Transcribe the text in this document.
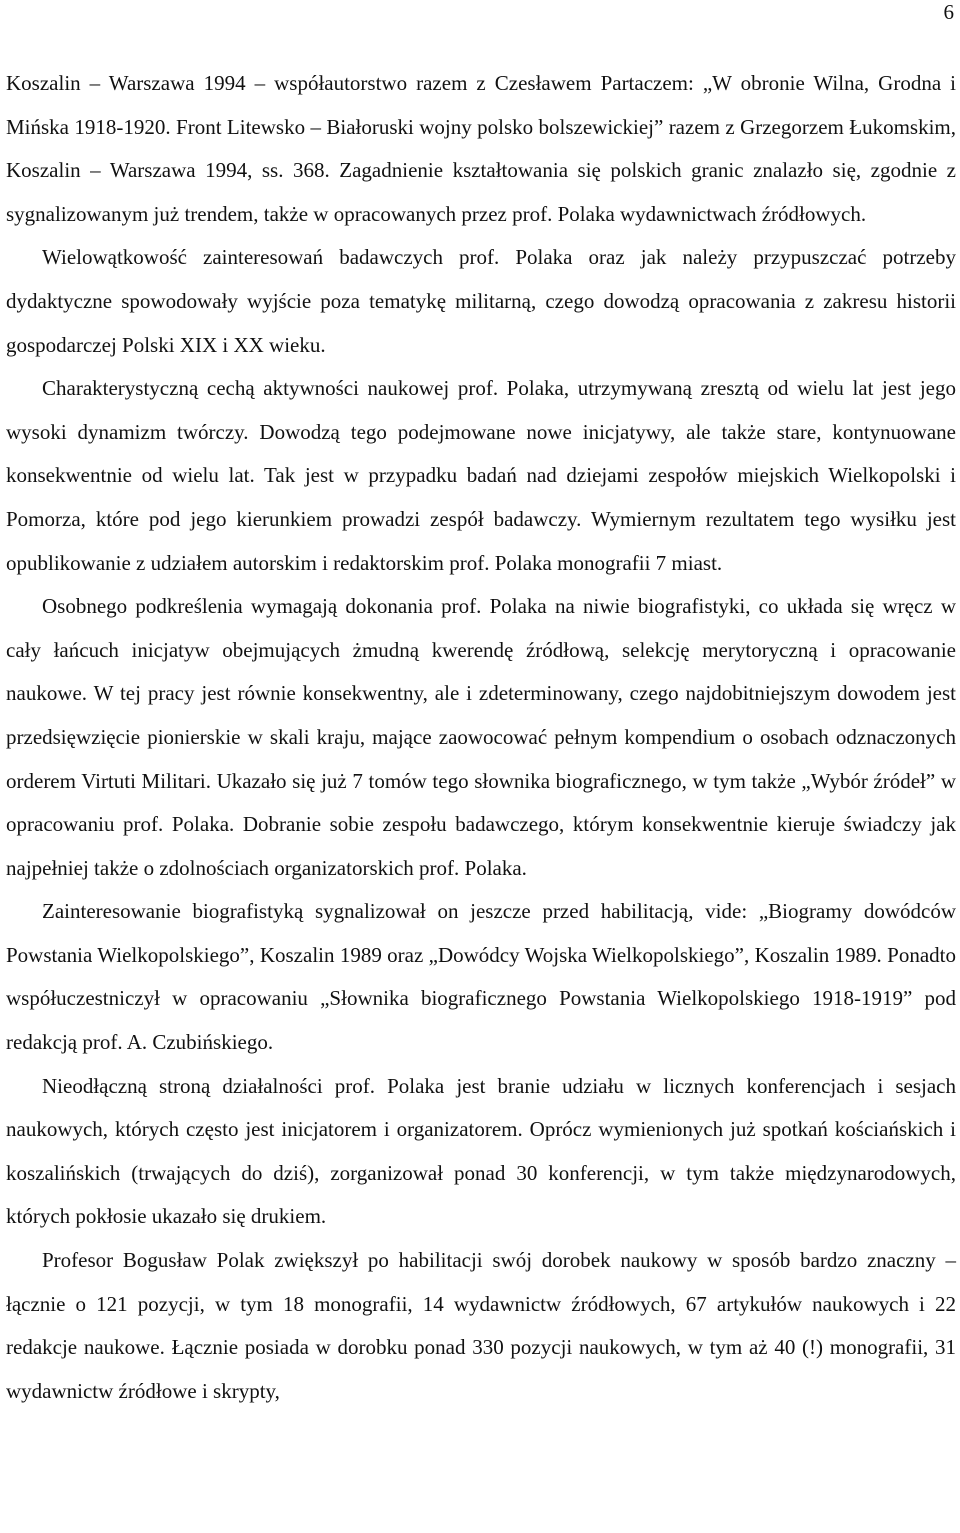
6

Koszalin – Warszawa 1994 – współautorstwo razem z Czesławem Partaczem: „W obronie Wilna, Grodna i Mińska 1918-1920. Front Litewsko – Białoruski wojny polsko bolszewickiej” razem z Grzegorzem Łukomskim, Koszalin – Warszawa 1994, ss. 368. Zagadnienie kształtowania się polskich granic znalazło się, zgodnie z sygnalizowanym już trendem, także w opracowanych przez prof. Polaka wydawnictwach źródłowych.

Wielowątkowość zainteresowań badawczych prof. Polaka oraz jak należy przypuszczać potrzeby dydaktyczne spowodowały wyjście poza tematykę militarną, czego dowodzą opracowania z zakresu historii gospodarczej Polski XIX i XX wieku.

Charakterystyczną cechą aktywności naukowej prof. Polaka, utrzymywaną zresztą od wielu lat jest jego wysoki dynamizm twórczy. Dowodzą tego podejmowane nowe inicjatywy, ale także stare, kontynuowane konsekwentnie od wielu lat. Tak jest w przypadku badań nad dziejami zespołów miejskich Wielkopolski i Pomorza, które pod jego kierunkiem prowadzi zespół badawczy. Wymiernym rezultatem tego wysiłku jest opublikowanie z udziałem autorskim i redaktorskim prof. Polaka monografii 7 miast.

Osobnego podkreślenia wymagają dokonania prof. Polaka na niwie biografistyki, co układa się wręcz w cały łańcuch inicjatyw obejmujących żmudną kwerendę źródłową, selekcję merytoryczną i opracowanie naukowe. W tej pracy jest równie konsekwentny, ale i zdeterminowany, czego najdobitniejszym dowodem jest przedsięwzięcie pionierskie w skali kraju, mające zaowocować pełnym kompendium o osobach odznaczonych orderem Virtuti Militari. Ukazało się już 7 tomów tego słownika biograficznego, w tym także „Wybór źródeł” w opracowaniu prof. Polaka. Dobranie sobie zespołu badawczego, którym konsekwentnie kieruje świadczy jak najpełniej także o zdolnościach organizatorskich prof. Polaka.

Zainteresowanie biografistyką sygnalizował on jeszcze przed habilitacją, vide: „Biogramy dowódców Powstania Wielkopolskiego”, Koszalin 1989 oraz „Dowódcy Wojska Wielkopolskiego”, Koszalin 1989. Ponadto współuczestniczył w opracowaniu „Słownika biograficznego Powstania Wielkopolskiego 1918-1919” pod redakcją prof. A. Czubińskiego.

Nieodłączną stroną działalności prof. Polaka jest branie udziału w licznych konferencjach i sesjach naukowych, których często jest inicjatorem i organizatorem. Oprócz wymienionych już spotkań kościańskich i koszalińskich (trwających do dziś), zorganizował ponad 30 konferencji, w tym także międzynarodowych, których pokłosie ukazało się drukiem.

Profesor Bogusław Polak zwiększył po habilitacji swój dorobek naukowy w sposób bardzo znaczny – łącznie o 121 pozycji, w tym 18 monografii, 14 wydawnictw źródłowych, 67 artykułów naukowych i 22 redakcje naukowe. Łącznie posiada w dorobku ponad 330 pozycji naukowych, w tym aż 40 (!) monografii, 31 wydawnictw źródłowe i skrypty,
